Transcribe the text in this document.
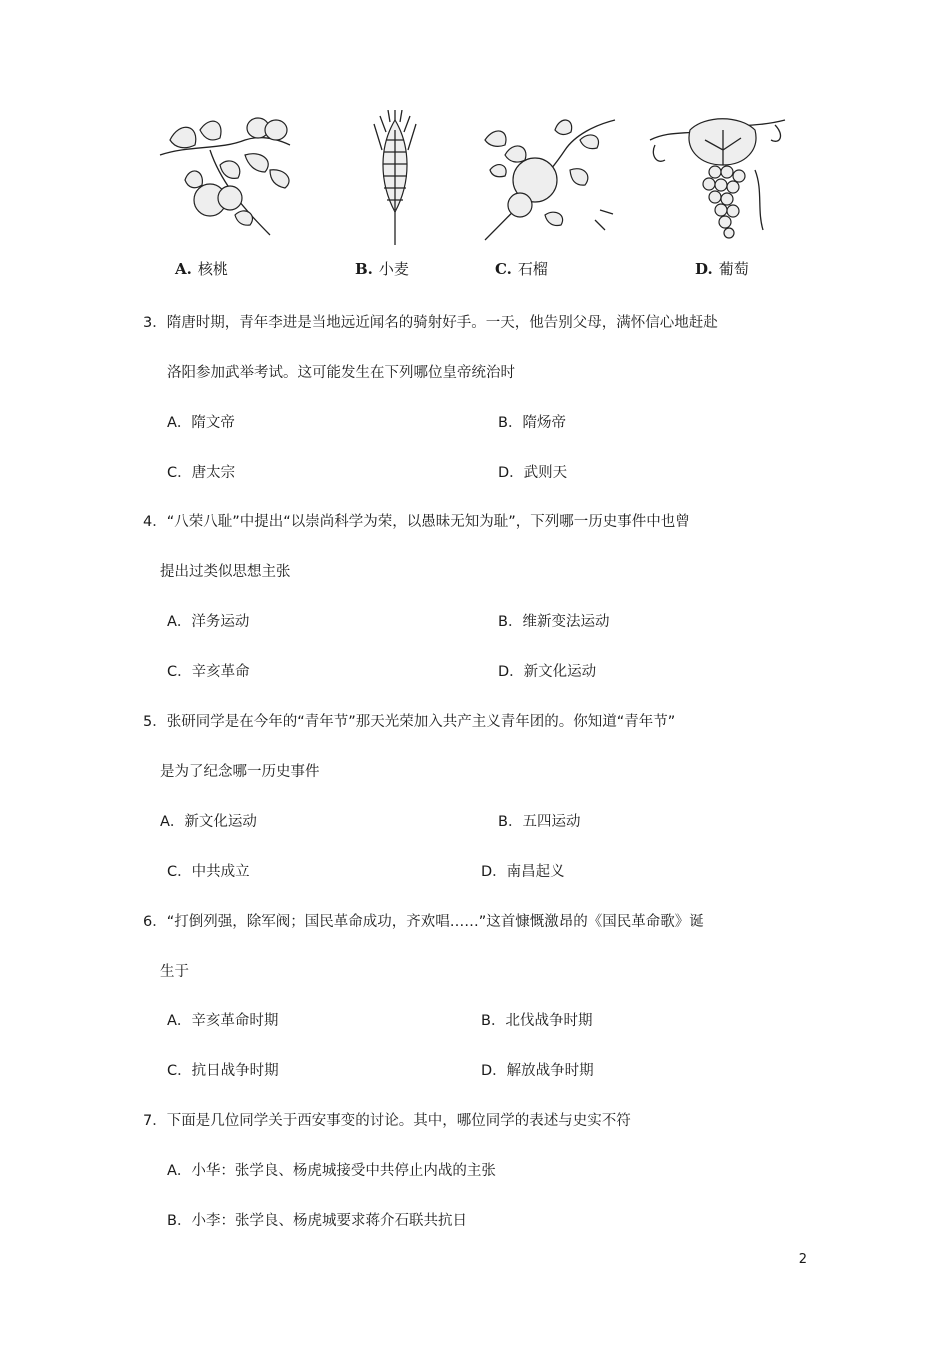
A. 核桃	B. 小麦	C. 石榴	D. 葡萄
3．隋唐时期，青年李进是当地远近闻名的骑射好手。一天，他告别父母，满怀信心地赶赴
洛阳参加武举考试。这可能发生在下列哪位皇帝统治时
A．隋文帝	B．隋炀帝
C．唐太宗	D．武则天
4．“八荣八耻”中提出“以崇尚科学为荣，以愚昧无知为耻”，下列哪一历史事件中也曾
提出过类似思想主张
A．洋务运动	B．维新变法运动
C．辛亥革命	D．新文化运动
5．张研同学是在今年的“青年节”那天光荣加入共产主义青年团的。你知道“青年节”
是为了纪念哪一历史事件
A．新文化运动	B．五四运动
C．中共成立	D．南昌起义
6．“打倒列强，除军阀；国民革命成功，齐欢唱……”这首慷慨激昂的《国民革命歌》诞
生于
A．辛亥革命时期	B．北伐战争时期
C．抗日战争时期	D．解放战争时期
7．下面是几位同学关于西安事变的讨论。其中，哪位同学的表述与史实不符
A．小华：张学良、杨虎城接受中共停止内战的主张
B．小李：张学良、杨虎城要求蒋介石联共抗日
2
